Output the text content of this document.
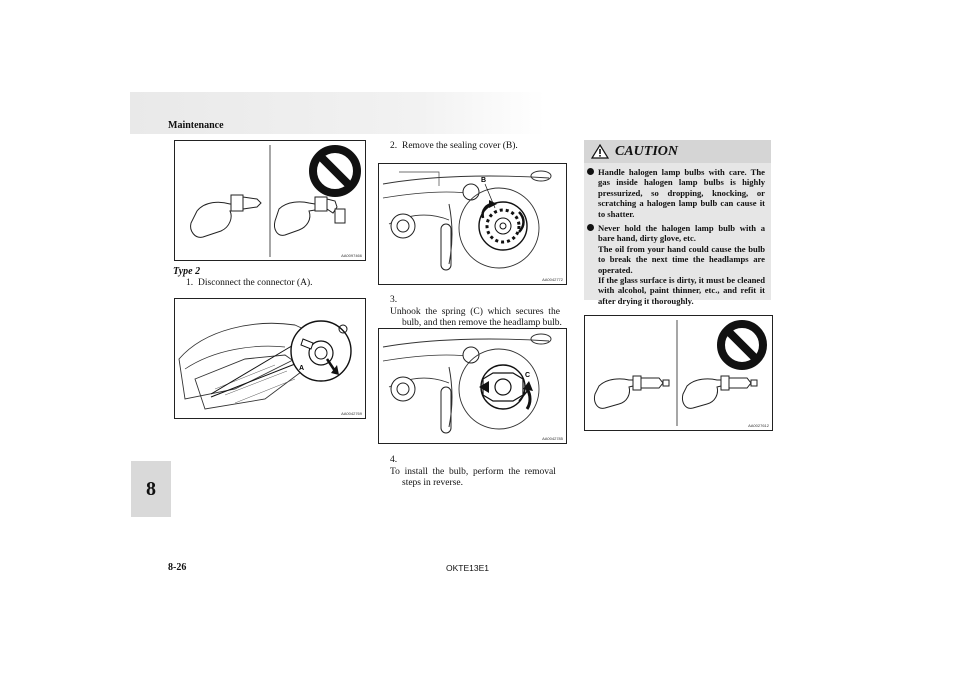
Maintenance
AA0097466
Type 2
1. Disconnect the connector (A).
A
AA0042769
2. Remove the sealing cover (B).
B
AA0042772
3.Unhook  the  spring  (C)  which  secures  the
bulb, and then remove the headlamp bulb.
C
AA0042785
4.To  install  the  bulb,  perform  the  removal
steps in reverse.
CAUTION
Handle halogen lamp bulbs with care. The gas inside halogen lamp bulbs is highly pressurized, so dropping, knocking, or scratching a halogen lamp bulb can cause it to shatter.
Never hold the halogen lamp bulb with a bare hand, dirty glove, etc.
The oil from your hand could cause the bulb to break the next time the headlamps are operated.
If the glass surface is dirty, it must be cleaned with alcohol, paint thinner, etc., and refit it after drying it thoroughly.
AA0027612
8
8-26	OKTE13E1
